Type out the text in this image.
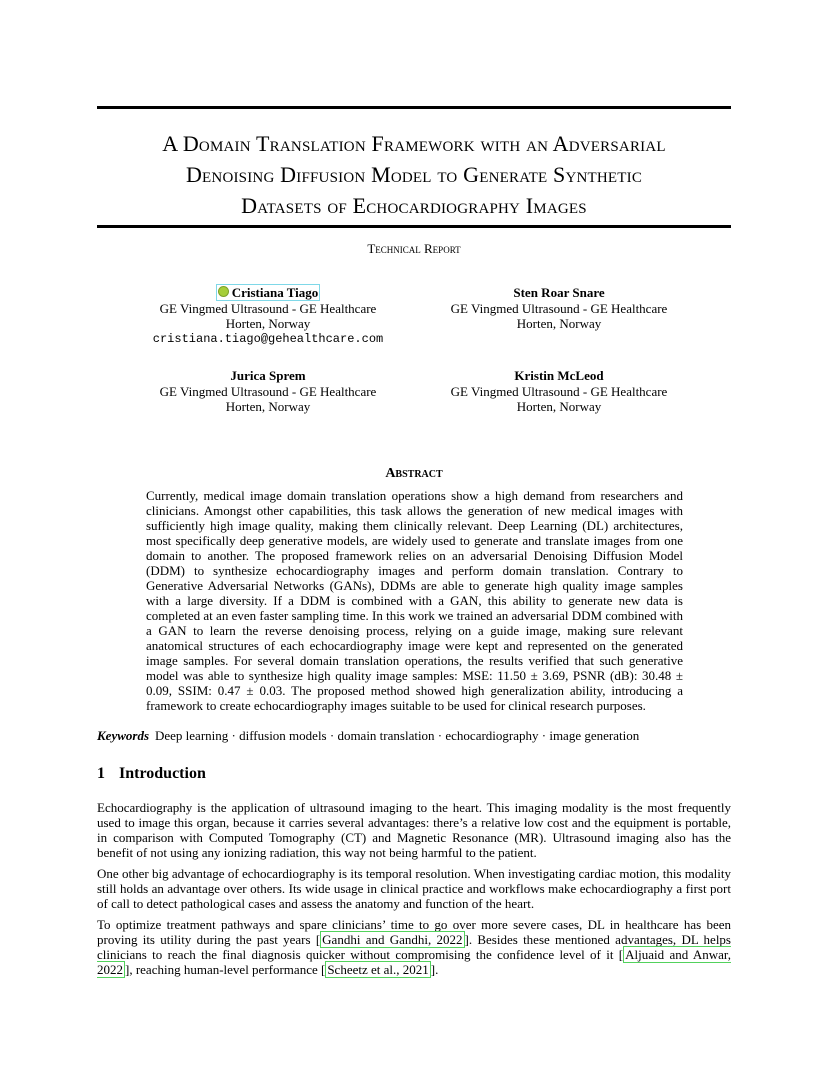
A Domain Translation Framework with an Adversarial
Denoising Diffusion Model to Generate Synthetic
Datasets of Echocardiography Images
Technical Report
Cristiana Tiago
GE Vingmed Ultrasound - GE Healthcare
Horten, Norway
cristiana.tiago@gehealthcare.com
Sten Roar Snare
GE Vingmed Ultrasound - GE Healthcare
Horten, Norway
Jurica Sprem
GE Vingmed Ultrasound - GE Healthcare
Horten, Norway
Kristin McLeod
GE Vingmed Ultrasound - GE Healthcare
Horten, Norway
Abstract
Currently, medical image domain translation operations show a high demand from researchers and clinicians. Amongst other capabilities, this task allows the generation of new medical images with sufficiently high image quality, making them clinically relevant. Deep Learning (DL) architectures, most specifically deep generative models, are widely used to generate and translate images from one domain to another. The proposed framework relies on an adversarial Denoising Diffusion Model (DDM) to synthesize echocardiography images and perform domain translation. Contrary to Generative Adversarial Networks (GANs), DDMs are able to generate high quality image samples with a large diversity. If a DDM is combined with a GAN, this ability to generate new data is completed at an even faster sampling time. In this work we trained an adversarial DDM combined with a GAN to learn the reverse denoising process, relying on a guide image, making sure relevant anatomical structures of each echocardiography image were kept and represented on the generated image samples. For several domain translation operations, the results verified that such generative model was able to synthesize high quality image samples: MSE: 11.50 ± 3.69, PSNR (dB): 30.48 ± 0.09, SSIM: 0.47 ± 0.03. The proposed method showed high generalization ability, introducing a framework to create echocardiography images suitable to be used for clinical research purposes.
Keywords Deep learning · diffusion models · domain translation · echocardiography · image generation
1 Introduction

Echocardiography is the application of ultrasound imaging to the heart. This imaging modality is the most frequently used to image this organ, because it carries several advantages: there’s a relative low cost and the equipment is portable, in comparison with Computed Tomography (CT) and Magnetic Resonance (MR). Ultrasound imaging also has the benefit of not using any ionizing radiation, this way not being harmful to the patient.

One other big advantage of echocardiography is its temporal resolution. When investigating cardiac motion, this modality still holds an advantage over others. Its wide usage in clinical practice and workflows make echocardiography a first port of call to detect pathological cases and assess the anatomy and function of the heart.

To optimize treatment pathways and spare clinicians’ time to go over more severe cases, DL in healthcare has been proving its utility during the past years [ Gandhi and Gandhi, 2022 ]. Besides these mentioned advantages, DL helps clinicians to reach the final diagnosis quicker without compromising the confidence level of it [ Aljuaid and Anwar, 2022 ], reaching human-level performance [ Scheetz et al., 2021 ].
